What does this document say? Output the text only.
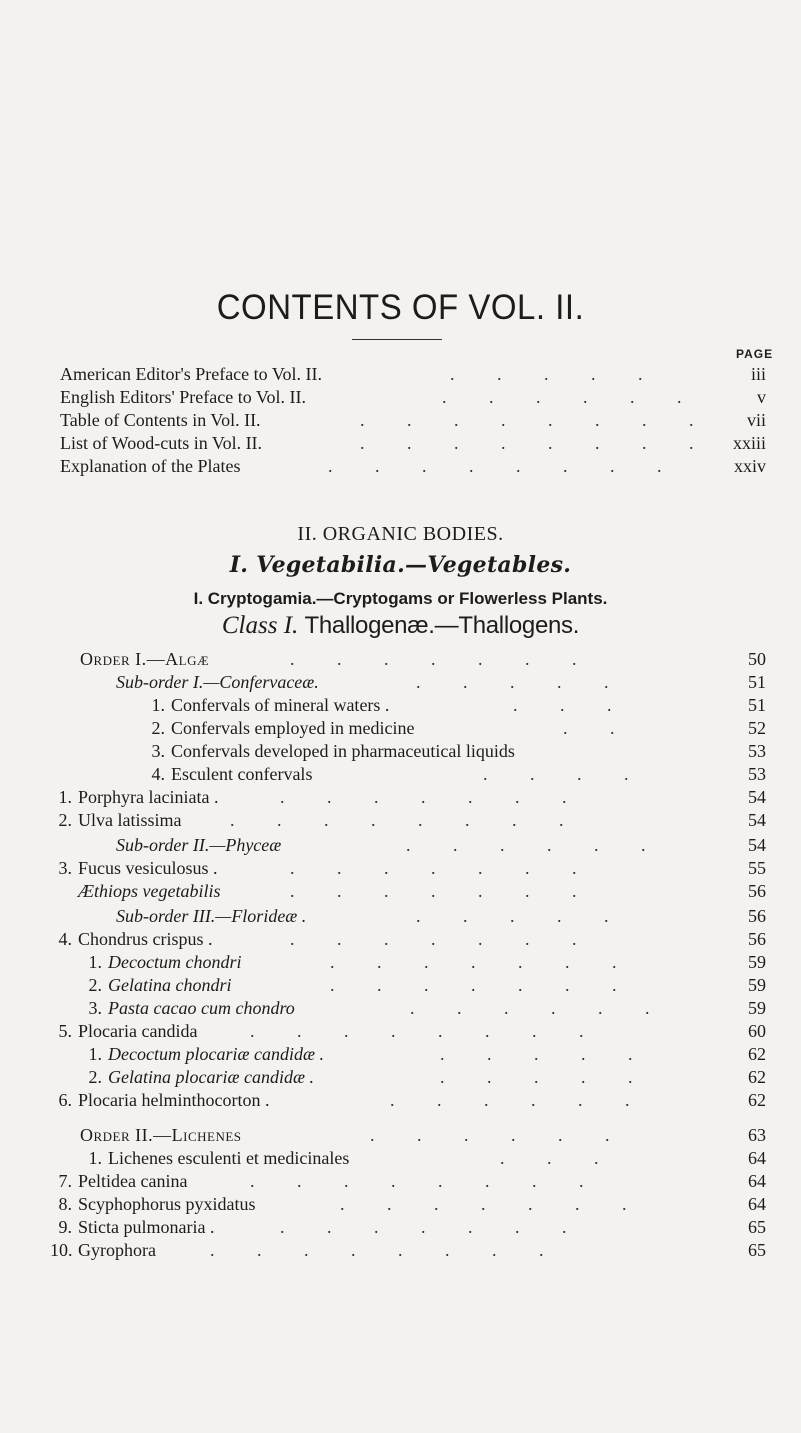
CONTENTS OF VOL. II.
PAGE
American Editor's Preface to Vol. II.	. . . . .	iii
English Editors' Preface to Vol. II.	. . . . . .	v
Table of Contents in Vol. II.	. . . . . . . . vii
List of Wood-cuts in Vol. II.	. . . . . . . . xxiii
Explanation of the Plates	. . . . . . . .	xxiv
II. ORGANIC BODIES.
I. Vegetabilia.—Vegetables.
I. Cryptogamia.—Cryptogams or Flowerless Plants.
Class I. Thallogenæ.—Thallogens.
Order I.—Algæ	. . . . . . .	50
Sub-order I.—Confervaceæ.	. . . . .	51
1. Confervals of mineral waters .	. . .	51
2. Confervals employed in medicine	. .	52
3. Confervals developed in pharmaceutical liquids	53
4. Esculent confervals	. . . .	53
1. Porphyra laciniata .	. . . . . . .	54
2. Ulva latissima	. . . . . . . .	54
Sub-order II.—Phyceæ	. . . . . .	54
3. Fucus vesiculosus .	. . . . . . .	55
Æthiops vegetabilis	. . . . . . .	56
Sub-order III.—Florideæ .	. . . . .	56
4. Chondrus crispus .	. . . . . . .	56
1. Decoctum chondri	. . . . . . .	59
2. Gelatina chondri	. . . . . . .	59
3. Pasta cacao cum chondro	. . . . . .	59
5. Plocaria candida	. . . . . . . .	60
1. Decoctum plocariæ candidæ .	. . . . .	62
2. Gelatina plocariæ candidæ .	. . . . .	62
6. Plocaria helminthocorton .	. . . . . .	62
Order II.—Lichenes	. . . . . .	63
1. Lichenes esculenti et medicinales	. . .	64
7. Peltidea canina	. . . . . . . .	64
8. Scyphophorus pyxidatus	. . . . . . .	64
9. Sticta pulmonaria .	. . . . . . .	65
10. Gyrophora	. . . . . . . .	65
